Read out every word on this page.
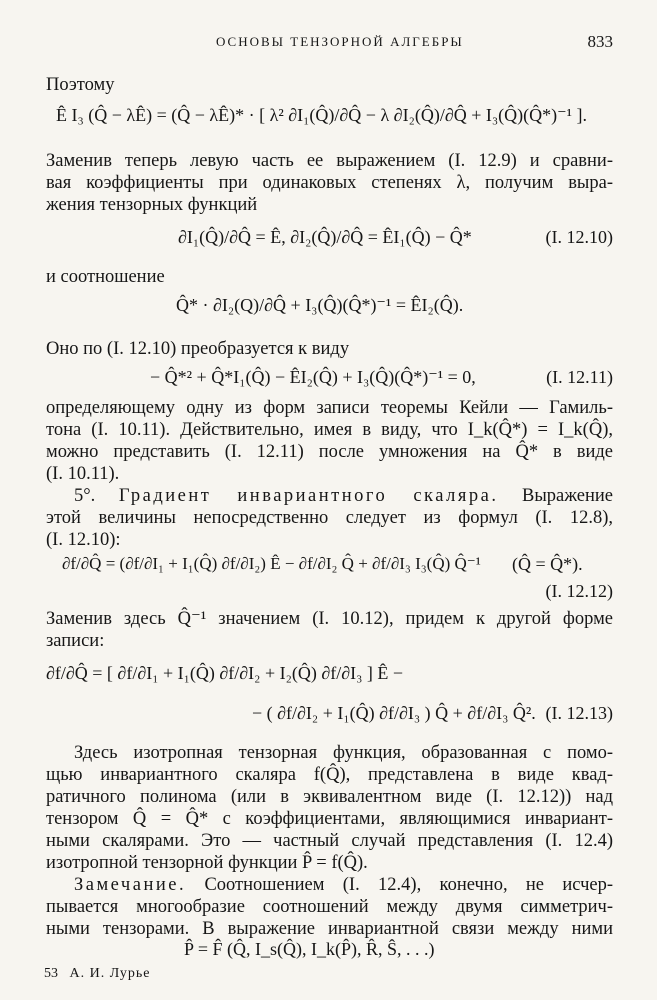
ОСНОВЫ ТЕНЗОРНОЙ АЛГЕБРЫ	833
Поэтому
Ê I₃ (Q̂ − λÊ) = (Q̂ − λÊ)* · [ λ² ∂I₁(Q̂)/∂Q̂ − λ ∂I₂(Q̂)/∂Q̂ + I₃(Q̂)(Q̂*)⁻¹ ].
Заменив теперь левую часть ее выражением (I. 12.9) и сравни-
вая коэффициенты при одинаковых степенях λ, получим выра-
жения тензорных функций
∂I₁(Q̂)/∂Q̂ = Ê, ∂I₂(Q̂)/∂Q̂ = ÊI₁(Q̂) − Q̂*	(I. 12.10)
и соотношение
Q̂* · ∂I₂(Q)/∂Q̂ + I₃(Q̂)(Q̂*)⁻¹ = ÊI₂(Q̂).
Оно по (I. 12.10) преобразуется к виду
− Q̂*² + Q̂*I₁(Q̂) − ÊI₂(Q̂) + I₃(Q̂)(Q̂*)⁻¹ = 0,	(I. 12.11)
определяющему одну из форм записи теоремы Кейли — Гамиль-
тона (I. 10.11). Действительно, имея в виду, что I_k(Q̂*) = I_k(Q̂),
можно представить (I. 12.11) после умножения на Q̂* в виде
(I. 10.11).
5°. Градиент инвариантного скаляра. Выражение
этой величины непосредственно следует из формул (I. 12.8),
(I. 12.10):
∂f/∂Q̂ = (∂f/∂I₁ + I₁(Q̂) ∂f/∂I₂) Ê − ∂f/∂I₂ Q̂ + ∂f/∂I₃ I₃(Q̂) Q̂⁻¹ (Q̂ = Q̂*).
(I. 12.12)
Заменив здесь Q̂⁻¹ значением (I. 10.12), придем к другой форме
записи:
∂f/∂Q̂ = [ ∂f/∂I₁ + I₁(Q̂) ∂f/∂I₂ + I₂(Q̂) ∂f/∂I₃ ] Ê −
− ( ∂f/∂I₂ + I₁(Q̂) ∂f/∂I₃ ) Q̂ + ∂f/∂I₃ Q̂². (I. 12.13)
Здесь изотропная тензорная функция, образованная с помо-
щью инвариантного скаляра f(Q̂), представлена в виде квад-
ратичного полинома (или в эквивалентном виде (I. 12.12)) над
тензором Q̂ = Q̂* с коэффициентами, являющимися инвариант-
ными скалярами. Это — частный случай представления (I. 12.4)
изотропной тензорной функции P̂ = f(Q̂).
Замечание. Соотношением (I. 12.4), конечно, не исчер-
пывается многообразие соотношений между двумя симметрич-
ными тензорами. В выражение инвариантной связи между ними
P̂ = F̂ (Q̂, I_s(Q̂), I_k(P̂), R̂, Ŝ, . . .)
53 А. И. Лурье
